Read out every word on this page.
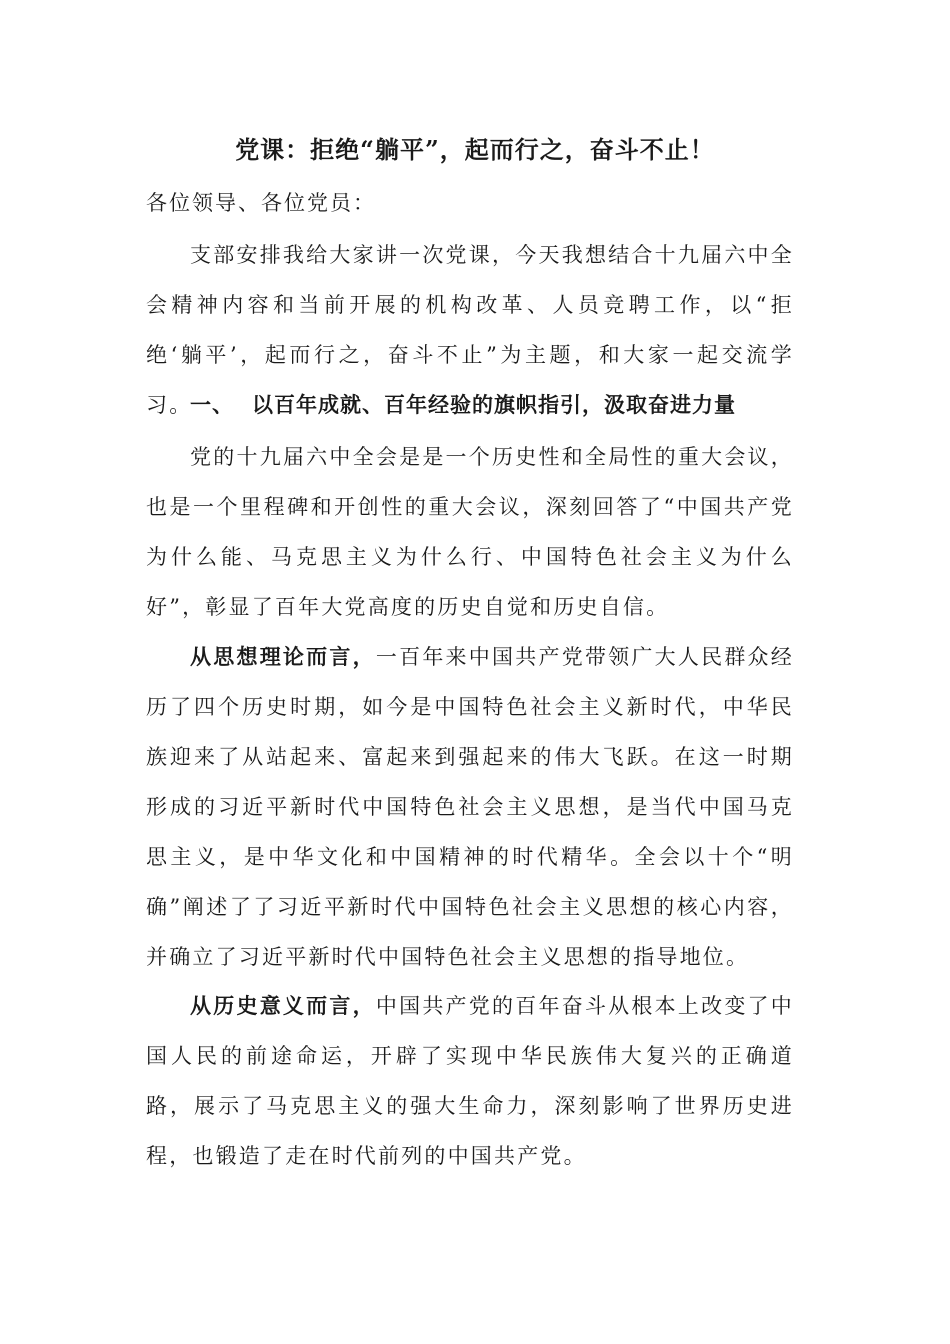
党课：拒绝“躺平”，起而行之，奋斗不止！

各位领导、各位党员：

支部安排我给大家讲一次党课，今天我想结合十九届六中全会精神内容和当前开展的机构改革、人员竞聘工作，以“拒绝‘躺平’，起而行之，奋斗不止”为主题，和大家一起交流学习。

一、 以百年成就、百年经验的旗帜指引，汲取奋进力量

党的十九届六中全会是是一个历史性和全局性的重大会议，也是一个里程碑和开创性的重大会议，深刻回答了“中国共产党为什么能、马克思主义为什么行、中国特色社会主义为什么好”，彰显了百年大党高度的历史自觉和历史自信。

从思想理论而言，一百年来中国共产党带领广大人民群众经历了四个历史时期，如今是中国特色社会主义新时代，中华民族迎来了从站起来、富起来到强起来的伟大飞跃。在这一时期形成的习近平新时代中国特色社会主义思想，是当代中国马克思主义，是中华文化和中国精神的时代精华。全会以十个“明确”阐述了了习近平新时代中国特色社会主义思想的核心内容，并确立了习近平新时代中国特色社会主义思想的指导地位。

从历史意义而言，中国共产党的百年奋斗从根本上改变了中国人民的前途命运，开辟了实现中华民族伟大复兴的正确道路，展示了马克思主义的强大生命力，深刻影响了世界历史进程，也锻造了走在时代前列的中国共产党。
